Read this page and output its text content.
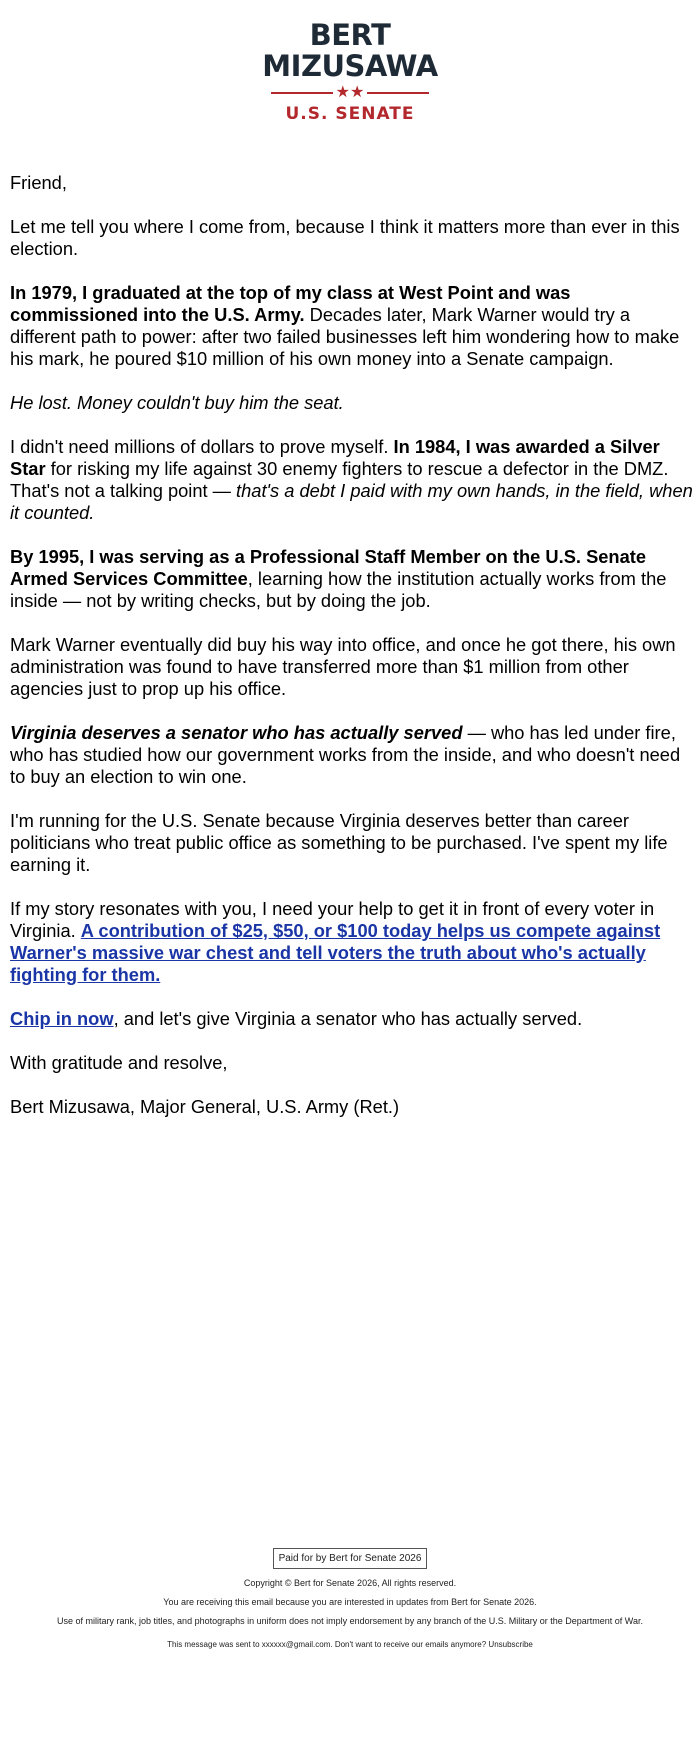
BERT
MIZUSAWA
★★
U.S. SENATE

Friend,

Let me tell you where I come from, because I think it matters more than ever in this election.

In 1979, I graduated at the top of my class at West Point and was commissioned into the U.S. Army. Decades later, Mark Warner would try a different path to power: after two failed businesses left him wondering how to make his mark, he poured $10 million of his own money into a Senate campaign.

He lost. Money couldn't buy him the seat.

I didn't need millions of dollars to prove myself. In 1984, I was awarded a Silver Star for risking my life against 30 enemy fighters to rescue a defector in the DMZ. That's not a talking point — that's a debt I paid with my own hands, in the field, when it counted.

By 1995, I was serving as a Professional Staff Member on the U.S. Senate Armed Services Committee, learning how the institution actually works from the inside — not by writing checks, but by doing the job.

Mark Warner eventually did buy his way into office, and once he got there, his own administration was found to have transferred more than $1 million from other agencies just to prop up his office.

Virginia deserves a senator who has actually served — who has led under fire, who has studied how our government works from the inside, and who doesn't need to buy an election to win one.

I'm running for the U.S. Senate because Virginia deserves better than career politicians who treat public office as something to be purchased. I've spent my life earning it.

If my story resonates with you, I need your help to get it in front of every voter in Virginia. A contribution of $25, $50, or $100 today helps us compete against Warner's massive war chest and tell voters the truth about who's actually fighting for them.

Chip in now, and let's give Virginia a senator who has actually served.

With gratitude and resolve,

Bert Mizusawa, Major General, U.S. Army (Ret.)

Paid for by Bert for Senate 2026
Copyright © Bert for Senate 2026, All rights reserved.
You are receiving this email because you are interested in updates from Bert for Senate 2026.
Use of military rank, job titles, and photographs in uniform does not imply endorsement by any branch of the U.S. Military or the Department of War.
This message was sent to xxxxxx@gmail.com. Don't want to receive our emails anymore? Unsubscribe
